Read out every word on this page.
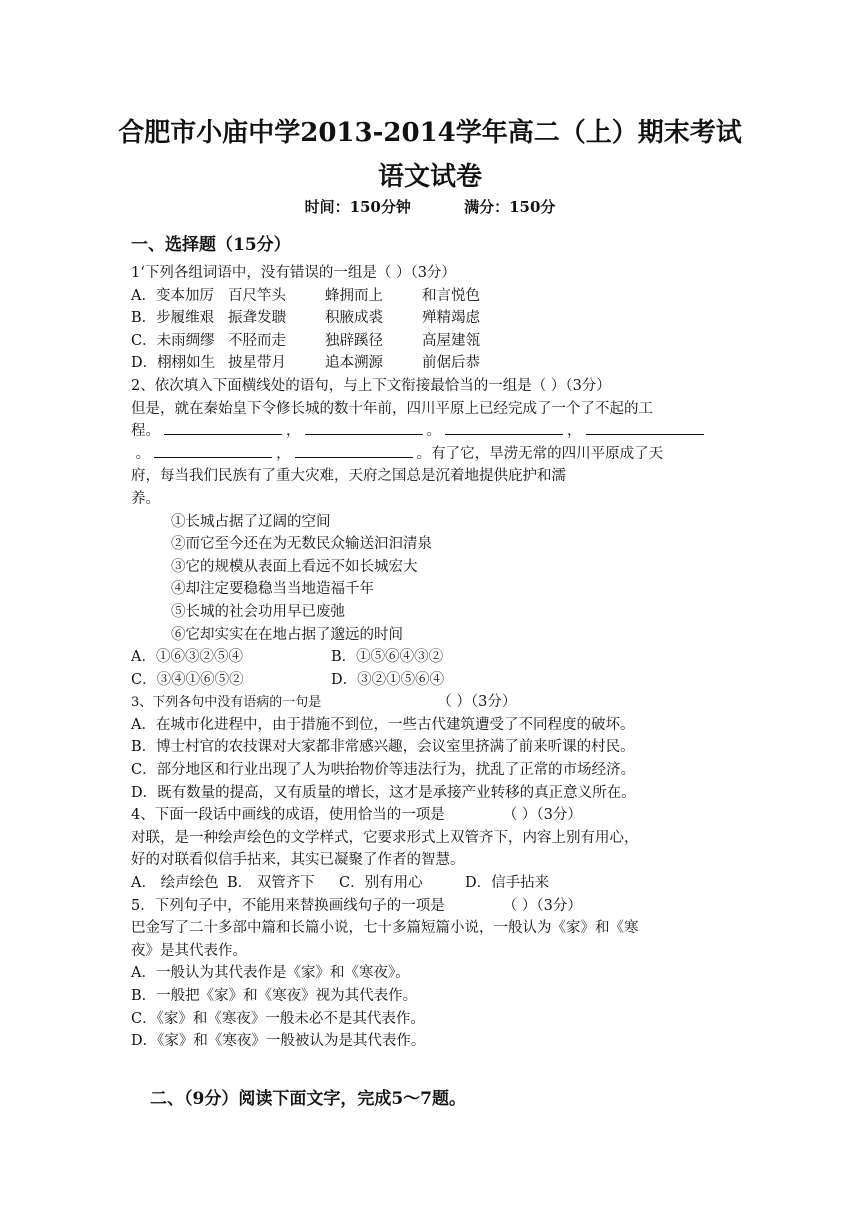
合肥市小庙中学2013-2014学年高二（上）期末考试
语文试卷
时间：150分钟	满分：150分
一、选择题（15分）
1‘下列各组词语中，没有错误的一组是（ ）（3分）
A．变本加厉 百尺竿头	蜂拥而上	和言悦色
B．步履维艰 振聋发聩	积腋成裘	殚精竭虑
C．未雨绸缪 不胫而走	独辟蹊径	高屋建瓴
D．栩栩如生 披星带月	追本溯源	前倨后恭
2、依次填入下面横线处的语句，与上下文衔接最恰当的一组是（ ）（3分）
但是，就在秦始皇下令修长城的数十年前，四川平原上已经完成了一个了不起的工
程。	，	。	，
。	，	。有了它，旱涝无常的四川平原成了天
府，每当我们民族有了重大灾难，天府之国总是沉着地提供庇护和濡
养。
①长城占据了辽阔的空间
②而它至今还在为无数民众输送汩汩清泉
③它的规模从表面上看远不如长城宏大
④却注定要稳稳当当地造福千年
⑤长城的社会功用早已废弛
⑥它却实实在在地占据了邈远的时间
A．①⑥③②⑤④	B．①⑤⑥④③②
C．③④①⑥⑤②	D．③②①⑤⑥④
3、下列各句中没有语病的一句是	（ ）（3分）
A．在城市化进程中，由于措施不到位，一些古代建筑遭受了不同程度的破坏。
B．博士村官的农技课对大家都非常感兴趣，会议室里挤满了前来听课的村民。
C．部分地区和行业出现了人为哄抬物价等违法行为，扰乱了正常的市场经济。
D．既有数量的提高，又有质量的增长，这才是承接产业转移的真正意义所在。
4、下面一段话中画线的成语，使用恰当的一项是	（ ）（3分）
对联，是一种绘声绘色的文学样式，它要求形式上双管齐下，内容上别有用心，
好的对联看似信手拈来，其实已凝聚了作者的智慧。
A． 绘声绘色 B． 双管齐下 C．别有用心	D．信手拈来
5．下列句子中，不能用来替换画线句子的一项是	（ ）（3分）
巴金写了二十多部中篇和长篇小说，七十多篇短篇小说，一般认为《家》和《寒
夜》是其代表作。
A．一般认为其代表作是《家》和《寒夜》。
B．一般把《家》和《寒夜》视为其代表作。
C．《家》和《寒夜》一般未必不是其代表作。
D．《家》和《寒夜》一般被认为是其代表作。
二、（9分）阅读下面文字，完成5～7题。
